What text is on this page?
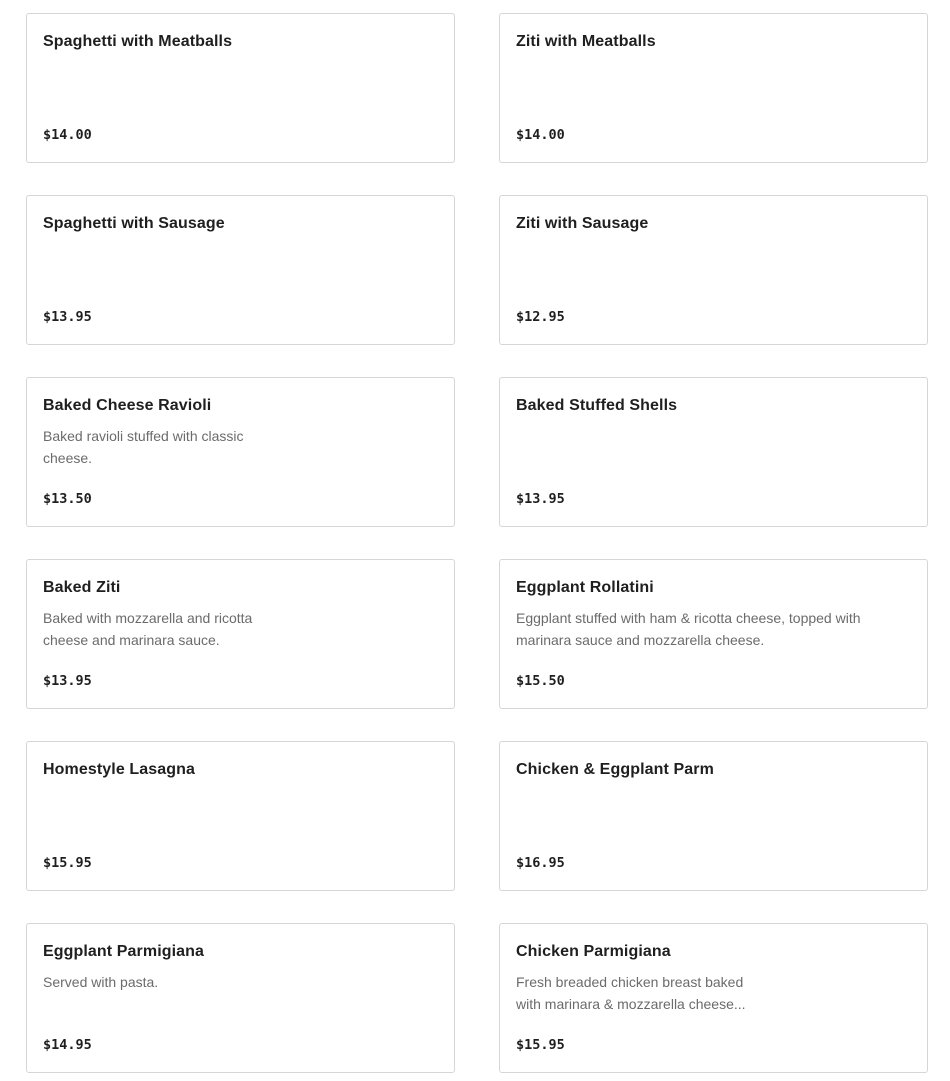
Spaghetti with Meatballs
$14.00
Ziti with Meatballs
$14.00
Spaghetti with Sausage
$13.95
Ziti with Sausage
$12.95
Baked Cheese Ravioli
Baked ravioli stuffed with classic cheese.
$13.50
Baked Stuffed Shells
$13.95
Baked Ziti
Baked with mozzarella and ricotta cheese and marinara sauce.
$13.95
Eggplant Rollatini
Eggplant stuffed with ham & ricotta cheese, topped with marinara sauce and mozzarella cheese.
$15.50
Homestyle Lasagna
$15.95
Chicken & Eggplant Parm
$16.95
Eggplant Parmigiana
Served with pasta.
$14.95
Chicken Parmigiana
Fresh breaded chicken breast baked with marinara & mozzarella cheese...
$15.95
